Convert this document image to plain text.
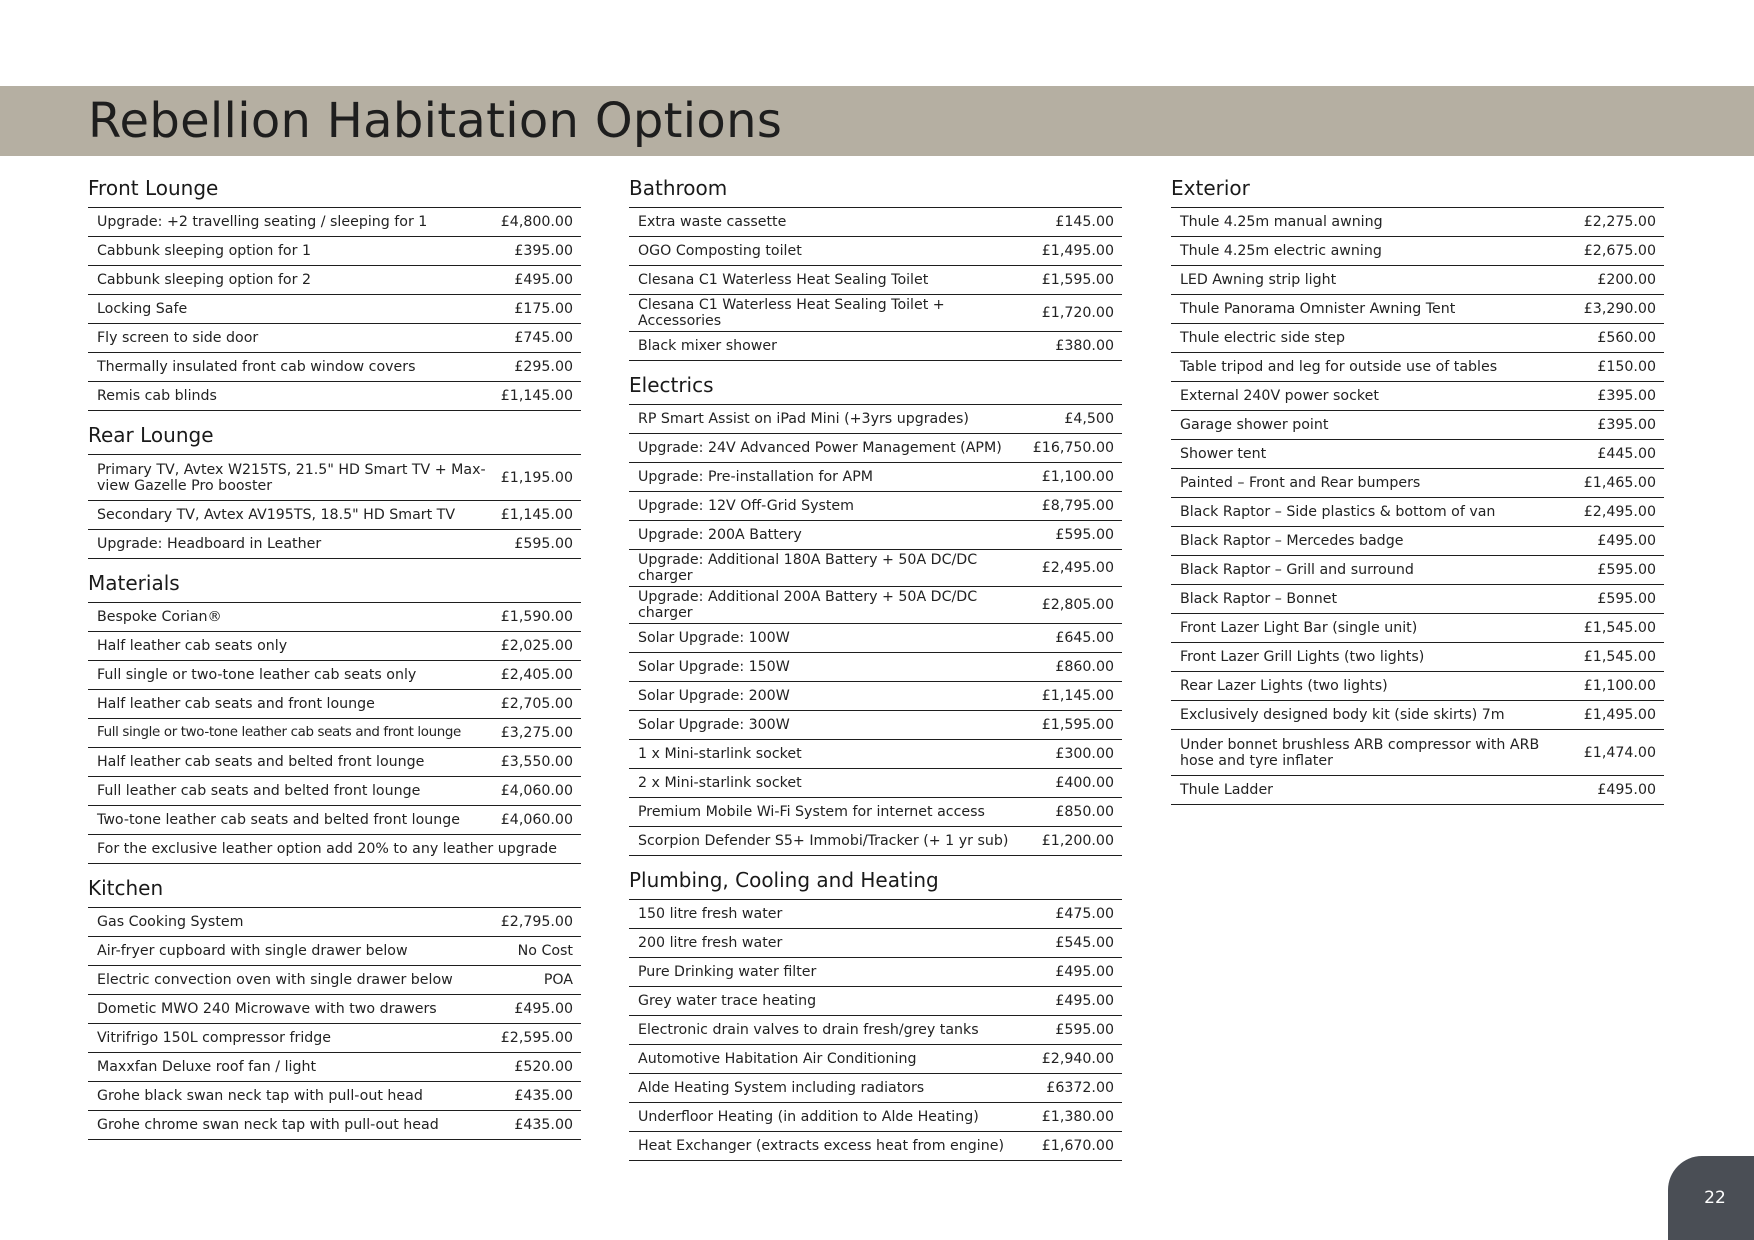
Rebellion Habitation Options
Front Lounge
Upgrade: +2 travelling seating / sleeping for 1	£4,800.00
Cabbunk sleeping option for 1	£395.00
Cabbunk sleeping option for 2	£495.00
Locking Safe	£175.00
Fly screen to side door	£745.00
Thermally insulated front cab window covers	£295.00
Remis cab blinds	£1,145.00
Rear Lounge
Primary TV, Avtex W215TS, 21.5" HD Smart TV + Max-view Gazelle Pro booster	£1,195.00
Secondary TV, Avtex AV195TS, 18.5" HD Smart TV	£1,145.00
Upgrade: Headboard in Leather	£595.00
Materials
Bespoke Corian®	£1,590.00
Half leather cab seats only	£2,025.00
Full single or two-tone leather cab seats only	£2,405.00
Half leather cab seats and front lounge	£2,705.00
Full single or two-tone leather cab seats and front lounge	£3,275.00
Half leather cab seats and belted front lounge	£3,550.00
Full leather cab seats and belted front lounge	£4,060.00
Two-tone leather cab seats and belted front lounge	£4,060.00
For the exclusive leather option add 20% to any leather upgrade
Kitchen
Gas Cooking System	£2,795.00
Air-fryer cupboard with single drawer below	No Cost
Electric convection oven with single drawer below	POA
Dometic MWO 240 Microwave with two drawers	£495.00
Vitrifrigo 150L compressor fridge	£2,595.00
Maxxfan Deluxe roof fan / light	£520.00
Grohe black swan neck tap with pull-out head	£435.00
Grohe chrome swan neck tap with pull-out head	£435.00
Bathroom
Extra waste cassette	£145.00
OGO Composting toilet	£1,495.00
Clesana C1 Waterless Heat Sealing Toilet	£1,595.00
Clesana C1 Waterless Heat Sealing Toilet + Accessories	£1,720.00
Black mixer shower	£380.00
Electrics
RP Smart Assist on iPad Mini (+3yrs upgrades)	£4,500
Upgrade: 24V Advanced Power Management (APM)	£16,750.00
Upgrade: Pre-installation for APM	£1,100.00
Upgrade: 12V Off-Grid System	£8,795.00
Upgrade: 200A Battery	£595.00
Upgrade: Additional 180A Battery + 50A DC/DC charger	£2,495.00
Upgrade: Additional 200A Battery + 50A DC/DC charger	£2,805.00
Solar Upgrade: 100W	£645.00
Solar Upgrade: 150W	£860.00
Solar Upgrade: 200W	£1,145.00
Solar Upgrade: 300W	£1,595.00
1 x Mini-starlink socket	£300.00
2 x Mini-starlink socket	£400.00
Premium Mobile Wi-Fi System for internet access	£850.00
Scorpion Defender S5+ Immobi/Tracker (+ 1 yr sub)	£1,200.00
Plumbing, Cooling and Heating
150 litre fresh water	£475.00
200 litre fresh water	£545.00
Pure Drinking water filter	£495.00
Grey water trace heating	£495.00
Electronic drain valves to drain fresh/grey tanks	£595.00
Automotive Habitation Air Conditioning	£2,940.00
Alde Heating System including radiators	£6372.00
Underfloor Heating (in addition to Alde Heating)	£1,380.00
Heat Exchanger (extracts excess heat from engine)	£1,670.00
Exterior
Thule 4.25m manual awning	£2,275.00
Thule 4.25m electric awning	£2,675.00
LED Awning strip light	£200.00
Thule Panorama Omnister Awning Tent	£3,290.00
Thule electric side step	£560.00
Table tripod and leg for outside use of tables	£150.00
External 240V power socket	£395.00
Garage shower point	£395.00
Shower tent	£445.00
Painted – Front and Rear bumpers	£1,465.00
Black Raptor – Side plastics & bottom of van	£2,495.00
Black Raptor – Mercedes badge	£495.00
Black Raptor – Grill and surround	£595.00
Black Raptor – Bonnet	£595.00
Front Lazer Light Bar (single unit)	£1,545.00
Front Lazer Grill Lights (two lights)	£1,545.00
Rear Lazer Lights (two lights)	£1,100.00
Exclusively designed body kit (side skirts) 7m	£1,495.00
Under bonnet brushless ARB compressor with ARB hose and tyre inflater	£1,474.00
Thule Ladder	£495.00
22
